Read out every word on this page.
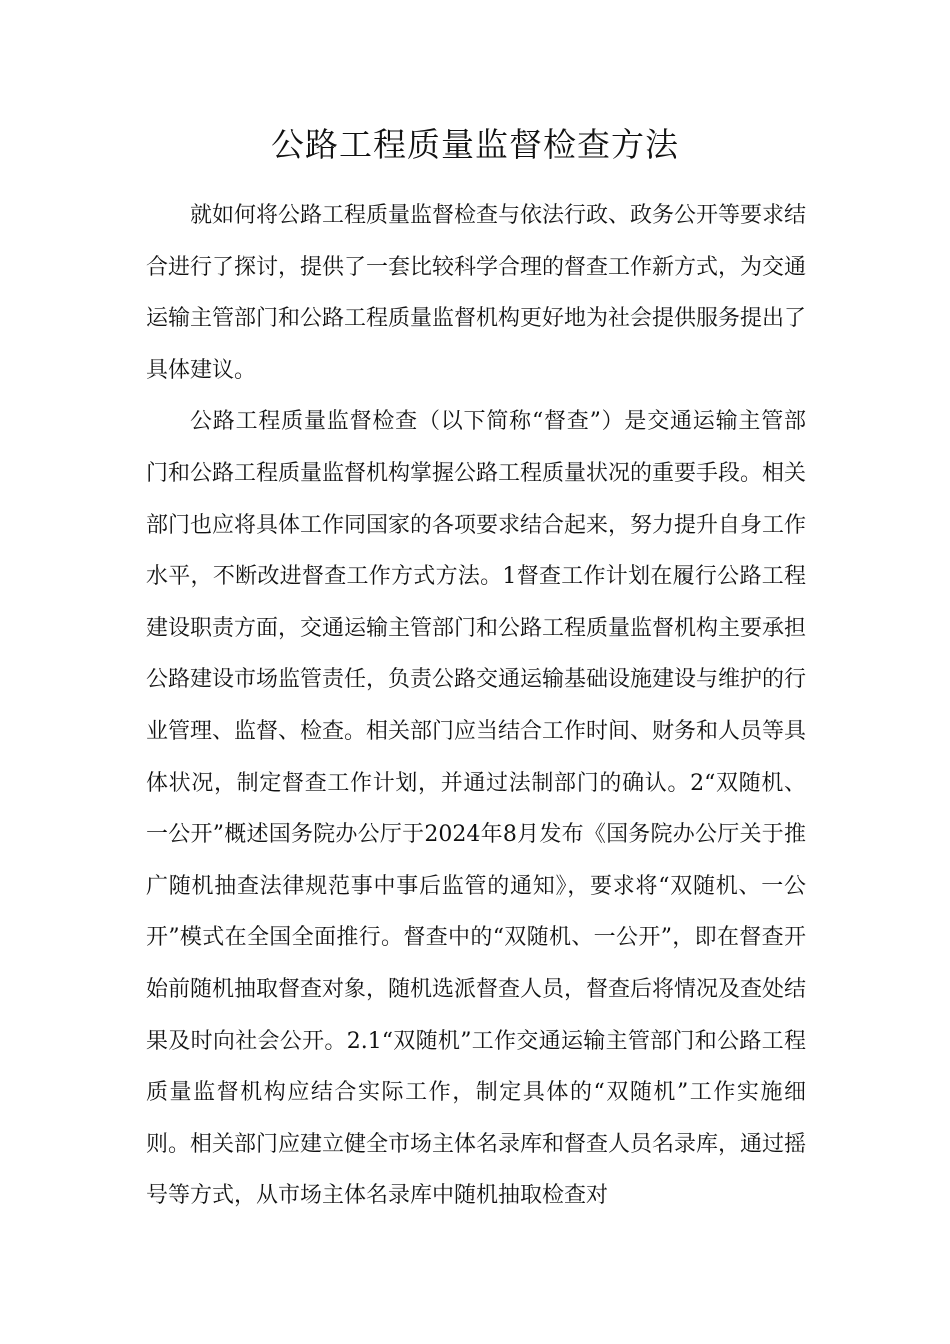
公路工程质量监督检查方法

就如何将公路工程质量监督检查与依法行政、政务公开等要求结合进行了探讨，提供了一套比较科学合理的督查工作新方式，为交通运输主管部门和公路工程质量监督机构更好地为社会提供服务提出了具体建议。

公路工程质量监督检查（以下简称“督查”）是交通运输主管部门和公路工程质量监督机构掌握公路工程质量状况的重要手段。相关部门也应将具体工作同国家的各项要求结合起来，努力提升自身工作水平，不断改进督查工作方式方法。1督查工作计划在履行公路工程建设职责方面，交通运输主管部门和公路工程质量监督机构主要承担公路建设市场监管责任，负责公路交通运输基础设施建设与维护的行业管理、监督、检查。相关部门应当结合工作时间、财务和人员等具体状况，制定督查工作计划，并通过法制部门的确认。2“双随机、一公开”概述国务院办公厅于2024年8月发布《国务院办公厅关于推广随机抽查法律规范事中事后监管的通知》，要求将“双随机、一公开”模式在全国全面推行。督查中的“双随机、一公开”，即在督查开始前随机抽取督查对象，随机选派督查人员，督查后将情况及查处结果及时向社会公开。2.1“双随机”工作交通运输主管部门和公路工程质量监督机构应结合实际工作，制定具体的“双随机”工作实施细则。相关部门应建立健全市场主体名录库和督查人员名录库，通过摇号等方式，从市场主体名录库中随机抽取检查对
